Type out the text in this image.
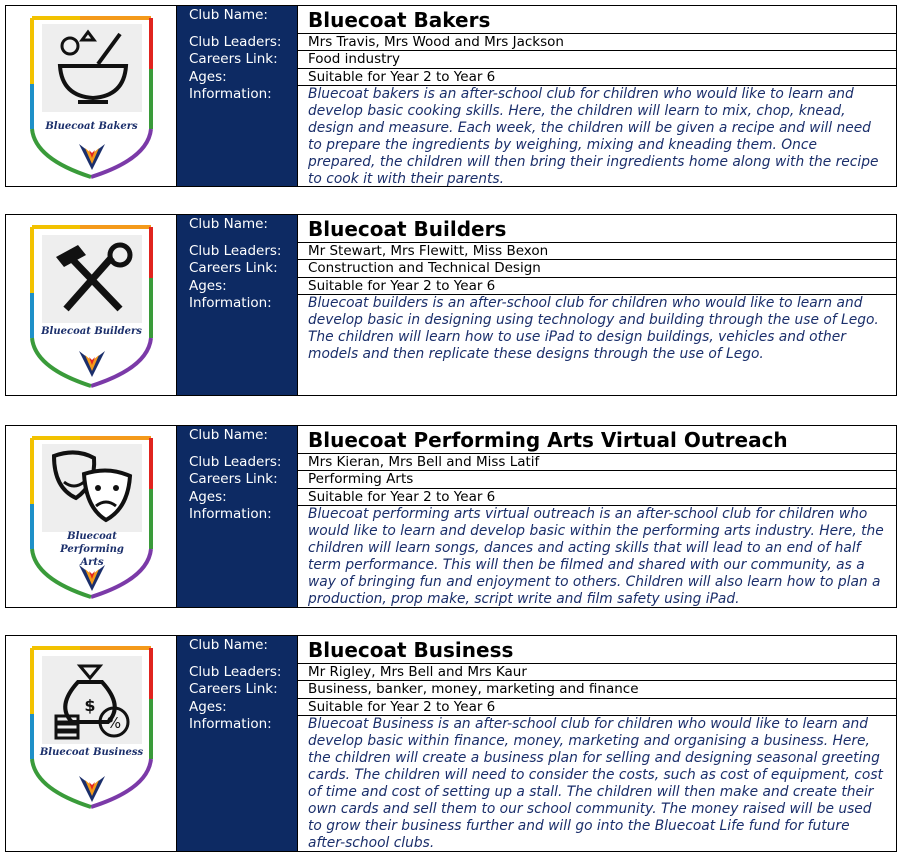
Bluecoat Bakers
Club Name:
Club Leaders:
Careers Link:
Ages:
Information:
Bluecoat Bakers
Mrs Travis, Mrs Wood and Mrs Jackson
Food industry
Suitable for Year 2 to Year 6
Bluecoat bakers is an after-school club for children who would like to learn and develop basic cooking skills. Here, the children will learn to mix, chop, knead, design and measure. Each week, the children will be given a recipe and will need to prepare the ingredients by weighing, mixing and kneading them. Once prepared, the children will then bring their ingredients home along with the recipe to cook it with their parents.
Bluecoat Builders
Club Name:
Club Leaders:
Careers Link:
Ages:
Information:
Bluecoat Builders
Mr Stewart, Mrs Flewitt, Miss Bexon
Construction and Technical Design
Suitable for Year 2 to Year 6
Bluecoat builders is an after-school club for children who would like to learn and develop basic in designing using technology and building through the use of Lego. The children will learn how to use iPad to design buildings, vehicles and other models and then replicate these designs through the use of Lego.
Bluecoat Performing Arts
Club Name:
Club Leaders:
Careers Link:
Ages:
Information:
Bluecoat Performing Arts Virtual Outreach
Mrs Kieran, Mrs Bell and Miss Latif
Performing Arts
Suitable for Year 2 to Year 6
Bluecoat performing arts virtual outreach is an after-school club for children who would like to learn and develop basic within the performing arts industry. Here, the children will learn songs, dances and acting skills that will lead to an end of half term performance. This will then be filmed and shared with our community, as a way of bringing fun and enjoyment to others. Children will also learn how to plan a production, prop make, script write and film safety using iPad.
$
%
Bluecoat Business
Club Name:
Club Leaders:
Careers Link:
Ages:
Information:
Bluecoat Business
Mr Rigley, Mrs Bell and Mrs Kaur
Business, banker, money, marketing and finance
Suitable for Year 2 to Year 6
Bluecoat Business is an after-school club for children who would like to learn and develop basic within finance, money, marketing and organising a business. Here, the children will create a business plan for selling and designing seasonal greeting cards. The children will need to consider the costs, such as cost of equipment, cost of time and cost of setting up a stall. The children will then make and create their own cards and sell them to our school community. The money raised will be used to grow their business further and will go into the Bluecoat Life fund for future after-school clubs.
